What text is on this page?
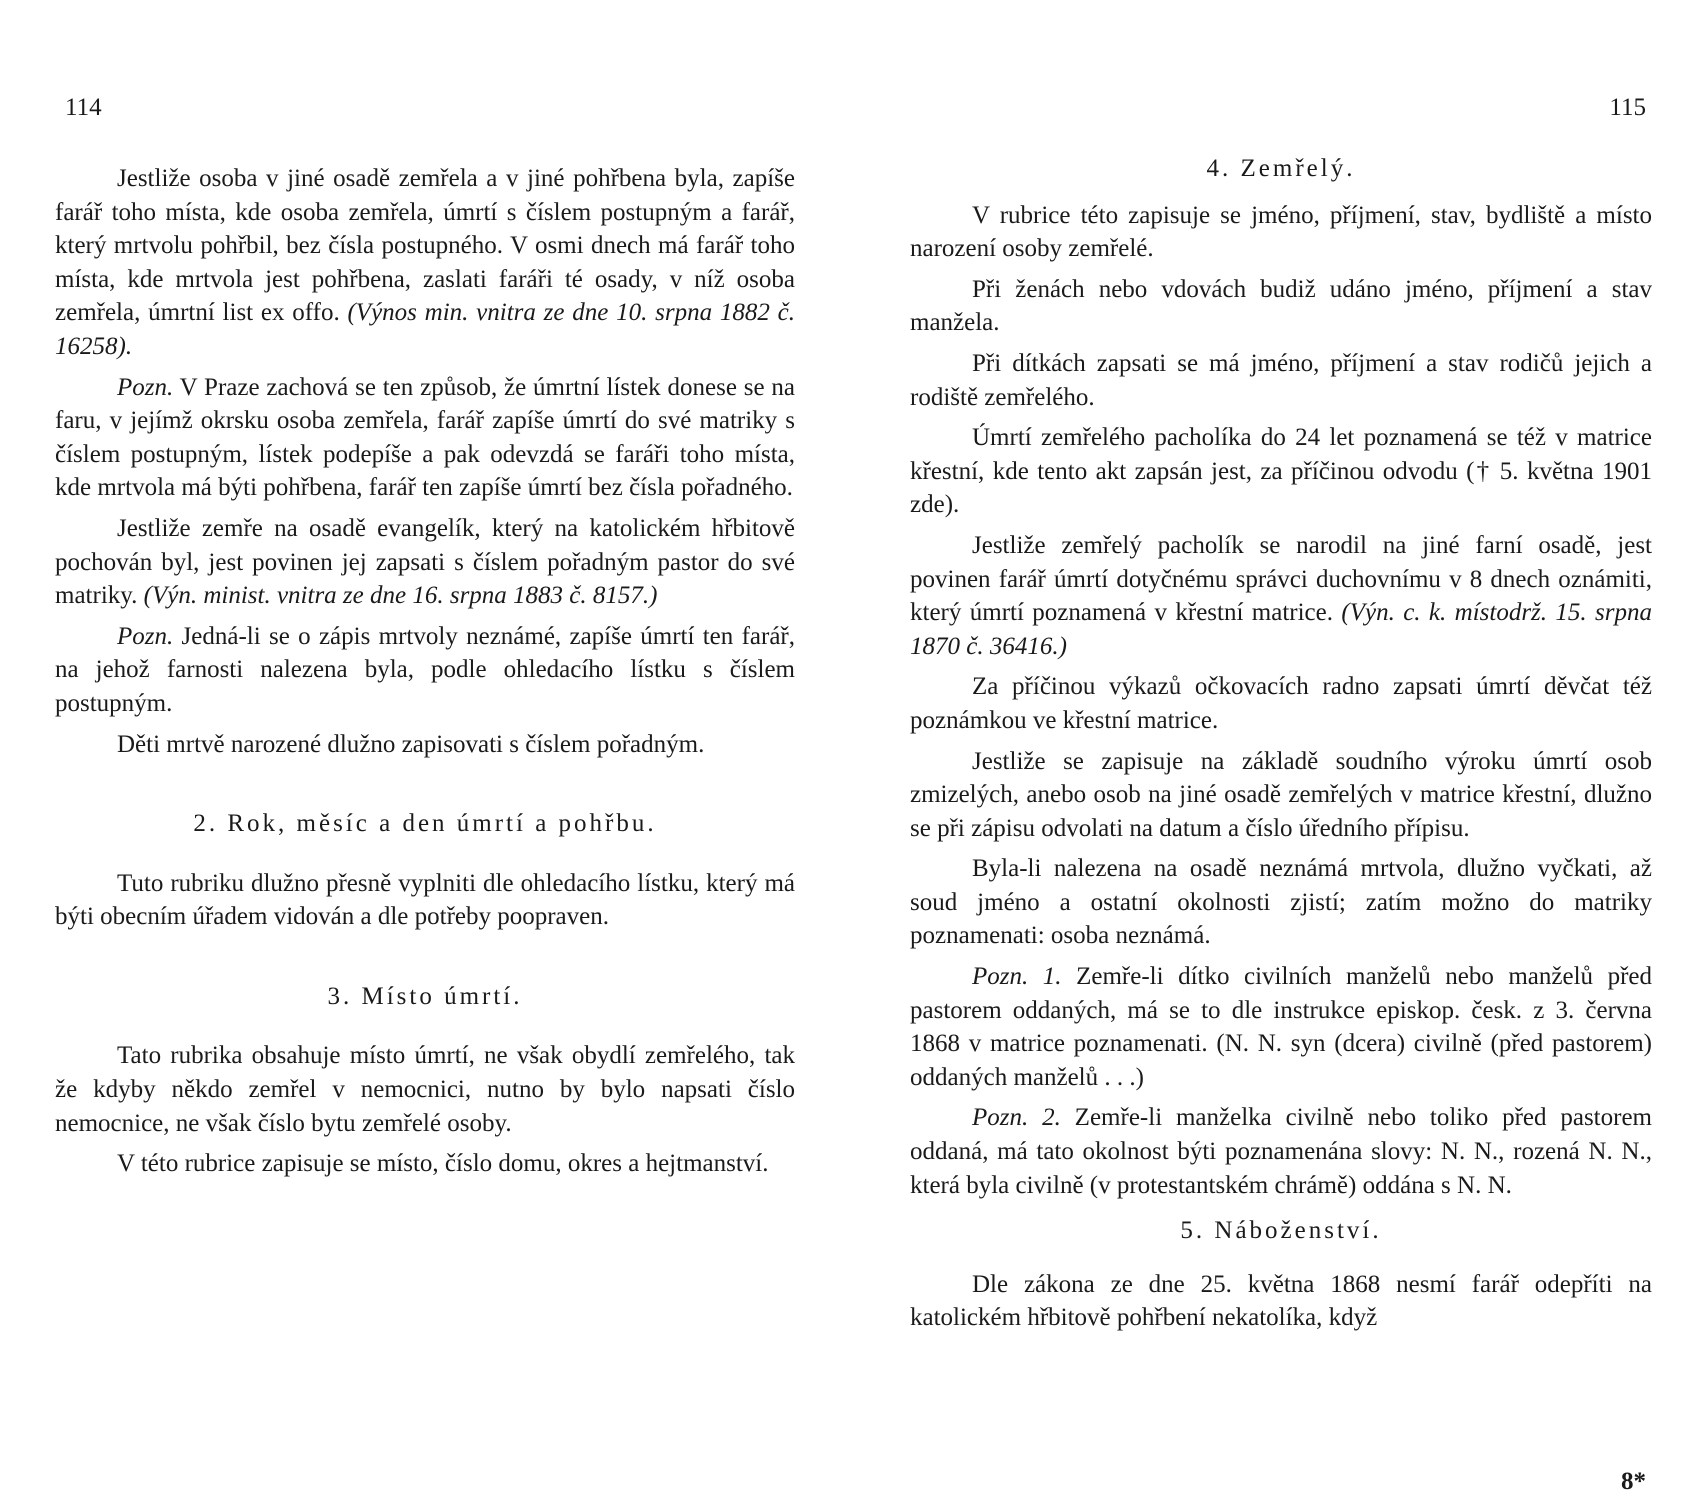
114

Jestliže osoba v jiné osadě zemřela a v jiné pohřbena byla, zapíše farář toho místa, kde osoba zemřela, úmrtí s číslem postupným a farář, který mrtvolu pohřbil, bez čísla postupného. V osmi dnech má farář toho místa, kde mrtvola jest pohřbena, zaslati faráři té osady, v níž osoba zemřela, úmrtní list ex offo. (Výnos min. vnitra ze dne 10. srpna 1882 č. 16258).

Pozn. V Praze zachová se ten způsob, že úmrtní lístek donese se na faru, v jejímž okrsku osoba zemřela, farář zapíše úmrtí do své matriky s číslem postupným, lístek podepíše a pak odevzdá se faráři toho místa, kde mrtvola má býti pohřbena, farář ten zapíše úmrtí bez čísla pořadného.

Jestliže zemře na osadě evangelík, který na katolickém hřbitově pochován byl, jest povinen jej zapsati s číslem pořadným pastor do své matriky. (Výn. minist. vnitra ze dne 16. srpna 1883 č. 8157.)

Pozn. Jedná-li se o zápis mrtvoly neznámé, zapíše úmrtí ten farář, na jehož farnosti nalezena byla, podle ohledacího lístku s číslem postupným.

Děti mrtvě narozené dlužno zapisovati s číslem pořadným.

2. Rok, měsíc a den úmrtí a pohřbu.

Tuto rubriku dlužno přesně vyplniti dle ohledacího lístku, který má býti obecním úřadem vidován a dle potřeby poopraven.

3. Místo úmrtí.

Tato rubrika obsahuje místo úmrtí, ne však obydlí zemřelého, tak že kdyby někdo zemřel v nemocnici, nutno by bylo napsati číslo nemocnice, ne však číslo bytu zemřelé osoby.

V této rubrice zapisuje se místo, číslo domu, okres a hejtmanství.

115
4. Zemřelý.

V rubrice této zapisuje se jméno, příjmení, stav, bydliště a místo narození osoby zemřelé.

Při ženách nebo vdovách budiž udáno jméno, příjmení a stav manžela.

Při dítkách zapsati se má jméno, příjmení a stav rodičů jejich a rodiště zemřelého.

Úmrtí zemřelého pacholíka do 24 let poznamená se též v matrice křestní, kde tento akt zapsán jest, za příčinou odvodu († 5. května 1901 zde).

Jestliže zemřelý pacholík se narodil na jiné farní osadě, jest povinen farář úmrtí dotyčnému správci duchovnímu v 8 dnech oznámiti, který úmrtí poznamená v křestní matrice. (Výn. c. k. místodrž. 15. srpna 1870 č. 36416.)

Za příčinou výkazů očkovacích radno zapsati úmrtí děvčat též poznámkou ve křestní matrice.

Jestliže se zapisuje na základě soudního výroku úmrtí osob zmizelých, anebo osob na jiné osadě zemřelých v matrice křestní, dlužno se při zápisu odvolati na datum a číslo úředního přípisu.

Byla-li nalezena na osadě neznámá mrtvola, dlužno vyčkati, až soud jméno a ostatní okolnosti zjistí; zatím možno do matriky poznamenati: osoba neznámá.

Pozn. 1. Zemře-li dítko civilních manželů nebo manželů před pastorem oddaných, má se to dle instrukce episkop. česk. z 3. června 1868 v matrice poznamenati. (N. N. syn (dcera) civilně (před pastorem) oddaných manželů . . .)

Pozn. 2. Zemře-li manželka civilně nebo toliko před pastorem oddaná, má tato okolnost býti poznamenána slovy: N. N., rozená N. N., která byla civilně (v protestantském chrámě) oddána s N. N.

5. Náboženství.

Dle zákona ze dne 25. května 1868 nesmí farář odepříti na katolickém hřbitově pohřbení nekatolíka, když

8*
